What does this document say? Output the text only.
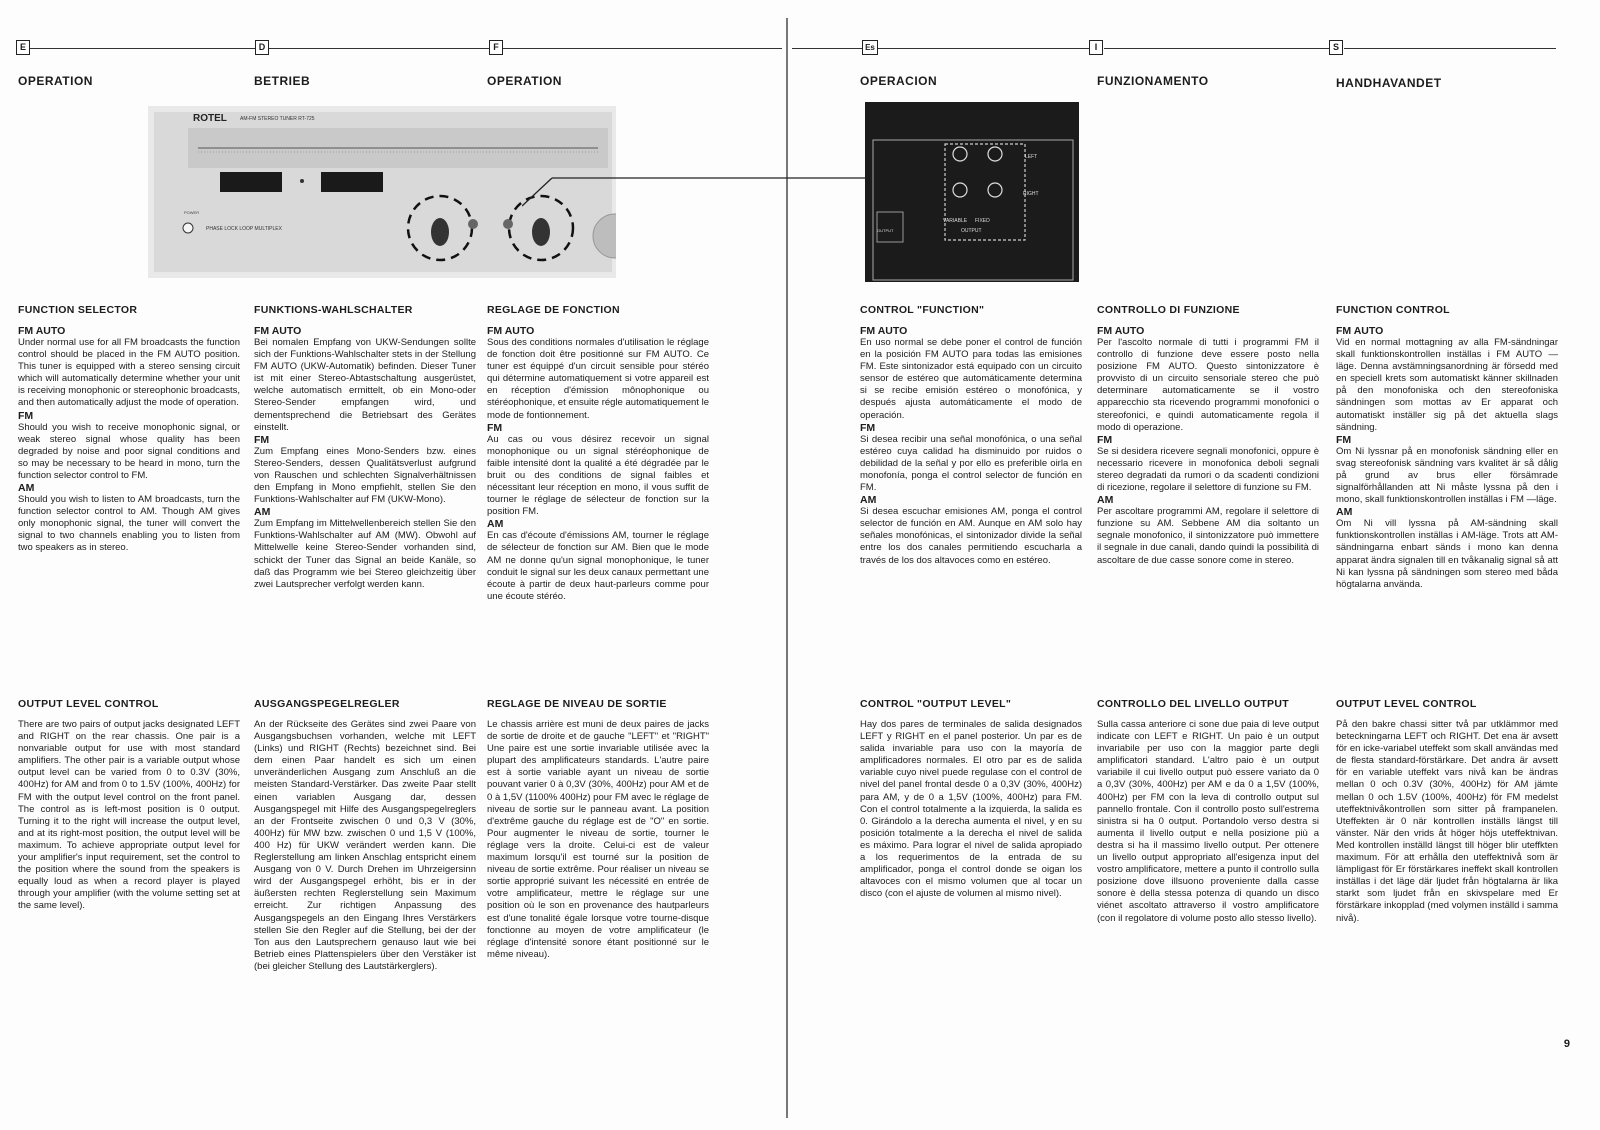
E	D	F	Es	I	S
OPERATION	BETRIEB	OPERATION	OPERACION	FUNZIONAMENTO	HANDHAVANDET
ROTEL	AM-FM STEREO TUNER RT-725
POWER
PHASE LOCK LOOP MULTIPLEX
LEFT
RIGHT
VARIABLE FIXED
OUTPUT
OUTPUT
FUNCTION SELECTOR
FM AUTO

Under normal use for all FM broadcasts the function control should be placed in the FM AUTO position. This tuner is equipped with a stereo sensing circuit which will automatically determine whether your unit is receiving monophonic or stereophonic broadcasts, and then automatically adjust the mode of operation.

FM

Should you wish to receive monophonic signal, or weak stereo signal whose quality has been degraded by noise and poor signal conditions and so may be necessary to be heard in mono, turn the function selector control to FM.

AM

Should you wish to listen to AM broadcasts, turn the function selector control to AM. Though AM gives only monophonic signal, the tuner will convert the signal to two channels enabling you to listen from two speakers as in stereo.

FUNKTIONS-WAHLSCHALTER
FM AUTO

Bei nomalen Empfang von UKW-Sendungen sollte sich der Funktions-Wahlschalter stets in der Stellung FM AUTO (UKW-Automatik) befinden. Dieser Tuner ist mit einer Stereo-Abtastschaltung ausgerüstet, welche automatisch ermittelt, ob ein Mono-oder Stereo-Sender empfangen wird, und dementsprechend die Betriebsart des Gerätes einstellt.

FM

Zum Empfang eines Mono-Senders bzw. eines Stereo-Senders, dessen Qualitätsverlust aufgrund von Rauschen und schlechten Signalverhältnissen den Empfang in Mono empfiehlt, stellen Sie den Funktions-Wahlschalter auf FM (UKW-Mono).

AM

Zum Empfang im Mittelwellenbereich stellen Sie den Funktions-Wahlschalter auf AM (MW). Obwohl auf Mittelwelle keine Stereo-Sender vorhanden sind, schickt der Tuner das Signal an beide Kanäle, so daß das Programm wie bei Stereo gleichzeitig über zwei Lautsprecher verfolgt werden kann.

REGLAGE DE FONCTION
FM AUTO

Sous des conditions normales d'utilisation le réglage de fonction doit être positionné sur FM AUTO. Ce tuner est équippé d'un circuit sensible pour stéréo qui détermine automatiquement si votre appareil est en réception d'émission mônophonique ou stéréophonique, et ensuite régle automatiquement le mode de fontionnement.

FM

Au cas ou vous désirez recevoir un signal monophonique ou un signal stéréophonique de faible intensité dont la qualité a été dégradée par le bruit ou des conditions de signal faibles et nécessitant leur réception en mono, il vous suffit de tourner le réglage de sélecteur de fonction sur la position FM.

AM

En cas d'écoute d'émissions AM, tourner le réglage de sélecteur de fonction sur AM. Bien que le mode AM ne donne qu'un signal monophonique, le tuner conduit le signal sur les deux canaux permettant une écoute à partir de deux haut-parleurs comme pour une écoute stéréo.

CONTROL "FUNCTION"
FM AUTO

En uso normal se debe poner el control de función en la posición FM AUTO para todas las emisiones FM. Este sintonizador está equipado con un circuito sensor de estéreo que automáticamente determina si se recibe emisión estéreo o monofónica, y después ajusta automáticamente el modo de operación.

FM

Si desea recibir una señal monofónica, o una señal estéreo cuya calidad ha disminuido por ruidos o debilidad de la señal y por ello es preferible oirla en monofonía, ponga el control selector de función en FM.

AM

Si desea escuchar emisiones AM, ponga el control selector de función en AM. Aunque en AM solo hay señales monofónicas, el sintonizador divide la señal entre los dos canales permitiendo escucharla a través de los dos altavoces como en estéreo.

CONTROLLO DI FUNZIONE
FM AUTO

Per l'ascolto normale di tutti i programmi FM il controllo di funzione deve essere posto nella posizione FM AUTO. Questo sintonizzatore è provvisto di un circuito sensoriale stereo che può determinare automaticamente se il vostro apparecchio sta ricevendo programmi monofonici o stereofonici, e quindi automaticamente regola il modo di operazione.

FM

Se si desidera ricevere segnali monofonici, oppure è necessario ricevere in monofonica deboli segnali stereo degradati da rumori o da scadenti condizioni di ricezione, regolare il selettore di funzione su FM.

AM

Per ascoltare programmi AM, regolare il selettore di funzione su AM. Sebbene AM dia soltanto un segnale monofonico, il sintonizzatore può immettere il segnale in due canali, dando quindi la possibilità di ascoltare de due casse sonore come in stereo.

FUNCTION CONTROL
FM AUTO

Vid en normal mottagning av alla FM-sändningar skall funktionskontrollen inställas i FM AUTO — läge. Denna avstämningsanordning är försedd med en speciell krets som automatiskt känner skillnaden på den monofoniska och den stereofoniska sändningen som mottas av Er apparat och automatiskt inställer sig på det aktuella slags sändning.

FM

Om Ni lyssnar på en monofonisk sändning eller en svag stereofonisk sändning vars kvalitet är så dålig på grund av brus eller försämrade signalförhållanden att Ni måste lyssna på den i mono, skall funktionskontrollen inställas i FM —läge.

AM

Om Ni vill lyssna på AM-sändning skall funktionskontrollen inställas i AM-läge. Trots att AM-sändningarna enbart sänds i mono kan denna apparat ändra signalen till en tvåkanalig signal så att Ni kan lyssna på sändningen som stereo med båda högtalarna använda.

OUTPUT LEVEL CONTROL

There are two pairs of output jacks designated LEFT and RIGHT on the rear chassis. One pair is a nonvariable output for use with most standard amplifiers. The other pair is a variable output whose output level can be varied from 0 to 0.3V (30%, 400Hz) for AM and from 0 to 1.5V (100%, 400Hz) for FM with the output level control on the front panel. The control as is left-most position is 0 output. Turning it to the right will increase the output level, and at its right-most position, the output level will be maximum. To achieve appropriate output level for your amplifier's input requirement, set the control to the position where the sound from the speakers is equally loud as when a record player is played through your amplifier (with the volume setting set at the same level).

AUSGANGSPEGELREGLER

An der Rückseite des Gerätes sind zwei Paare von Ausgangsbuchsen vorhanden, welche mit LEFT (Links) und RIGHT (Rechts) bezeichnet sind. Bei dem einen Paar handelt es sich um einen unveränderlichen Ausgang zum Anschluß an die meisten Standard-Verstärker. Das zweite Paar stellt einen variablen Ausgang dar, dessen Ausgangspegel mit Hilfe des Ausgangspegelreglers an der Frontseite zwischen 0 und 0,3 V (30%, 400Hz) für MW bzw. zwischen 0 und 1,5 V (100%, 400 Hz) für UKW verändert werden kann. Die Reglerstellung am linken Anschlag entspricht einem Ausgang von 0 V. Durch Drehen im Uhrzeigersinn wird der Ausgangspegel erhöht, bis er in der äußersten rechten Reglerstellung sein Maximum erreicht. Zur richtigen Anpassung des Ausgangspegels an den Eingang Ihres Verstärkers stellen Sie den Regler auf die Stellung, bei der der Ton aus den Lautsprechern genauso laut wie bei Betrieb eines Plattenspielers über den Verstäker ist (bei gleicher Stellung des Lautstärkerglers).

REGLAGE DE NIVEAU DE SORTIE

Le chassis arrière est muni de deux paires de jacks de sortie de droite et de gauche "LEFT" et "RIGHT" Une paire est une sortie invariable utilisée avec la plupart des amplificateurs standards. L'autre paire est à sortie variable ayant un niveau de sortie pouvant varier 0 à 0,3V (30%, 400Hz) pour AM et de 0 à 1,5V (1100% 400Hz) pour FM avec le réglage de niveau de sortie sur le panneau avant. La position d'extrême gauche du réglage est de "O" en sortie. Pour augmenter le niveau de sortie, tourner le réglage vers la droite. Celui-ci est de valeur maximum lorsqu'il est tourné sur la position de niveau de sortie extrême. Pour réaliser un niveau se sortie approprié suivant les nécessité en entrée de votre amplificateur, mettre le réglage sur une position où le son en provenance des hautparleurs est d'une tonalité égale lorsque votre tourne-disque fonctionne au moyen de votre amplificateur (le réglage d'intensité sonore étant positionné sur le même niveau).

CONTROL "OUTPUT LEVEL"

Hay dos pares de terminales de salida designados LEFT y RIGHT en el panel posterior. Un par es de salida invariable para uso con la mayoría de amplificadores normales. El otro par es de salida variable cuyo nivel puede regulase con el control de nivel del panel frontal desde 0 a 0,3V (30%, 400Hz) para AM, y de 0 a 1,5V (100%, 400Hz) para FM. Con el control totalmente a la izquierda, la salida es 0. Girándolo a la derecha aumenta el nivel, y en su posición totalmente a la derecha el nivel de salida es máximo. Para lograr el nivel de salida apropiado a los requerimentos de la entrada de su amplificador, ponga el control donde se oigan los altavoces con el mismo volumen que al tocar un disco (con el ajuste de volumen al mismo nivel).

CONTROLLO DEL LIVELLO OUTPUT

Sulla cassa anteriore ci sone due paia di leve output indicate con LEFT e RIGHT. Un paio è un output invariabile per uso con la maggior parte degli amplificatori standard. L'altro paio è un output variabile il cui livello output può essere variato da 0 a 0,3V (30%, 400Hz) per AM e da 0 a 1,5V (100%, 400Hz) per FM con la leva di controllo output sul pannello frontale. Con il controllo posto sull'estrema sinistra si ha 0 output. Portandolo verso destra si aumenta il livello output e nella posizione più a destra si ha il massimo livello output. Per ottenere un livello output appropriato all'esigenza input del vostro amplificatore, mettere a punto il controllo sulla posizione dove illsuono proveniente dalla casse sonore è della stessa potenza di quando un disco viénet ascoltato attraverso il vostro amplificatore (con il regolatore di volume posto allo stesso livello).

OUTPUT LEVEL CONTROL

På den bakre chassi sitter två par utklämmor med beteckningarna LEFT och RIGHT. Det ena är avsett för en icke-variabel uteffekt som skall användas med de flesta standard-förstärkare. Det andra är avsett för en variable uteffekt vars nivå kan be ändras mellan 0 och 0.3V (30%, 400Hz) för AM jämte mellan 0 och 1.5V (100%, 400Hz) för FM medelst uteffektnivåkontrollen som sitter på frampanelen. Uteffekten är 0 när kontrollen inställs längst till vänster. När den vrids åt höger höjs uteffektnivan. Med kontrollen inställd längst till höger blir uteffkten maximum. För att erhålla den uteffektnivå som är lämpligast för Er förstärkares ineffekt skall kontrollen inställas i det läge där ljudet från högtalarna är lika starkt som ljudet från en skivspelare med Er förstärkare inkopplad (med volymen inställd i samma nivå).

9
